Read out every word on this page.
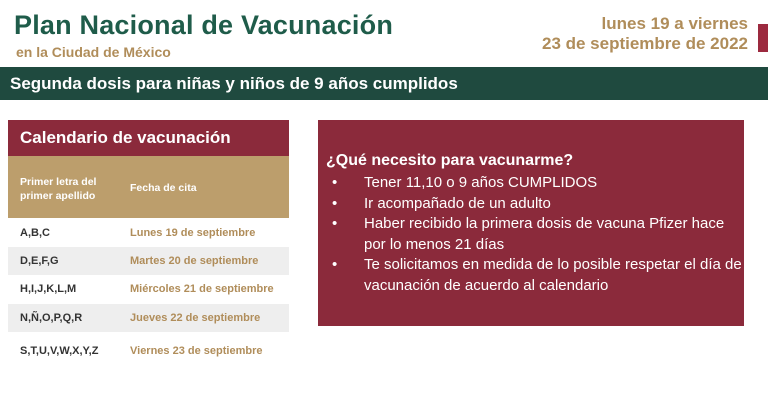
Plan Nacional de Vacunación
en la Ciudad de México
lunes 19 a viernes
23 de septiembre de 2022
Segunda dosis para niñas y niños de 9 años cumplidos
Calendario de vacunación
Primer letra del
primer apellido
Fecha de cita
A,B,C	Lunes 19 de septiembre
D,E,F,G	Martes 20 de septiembre
H,I,J,K,L,M	Miércoles 21 de septiembre
N,Ñ,O,P,Q,R	Jueves 22 de septiembre
S,T,U,V,W,X,Y,Z	Viernes 23 de septiembre
¿Qué necesito para vacunarme?
• Tener 11,10 o 9 años CUMPLIDOS
• Ir acompañado de un adulto
• Haber recibido la primera dosis de vacuna Pfizer hace por lo menos 21 días
• Te solicitamos en medida de lo posible respetar el día de vacunación de acuerdo al calendario
